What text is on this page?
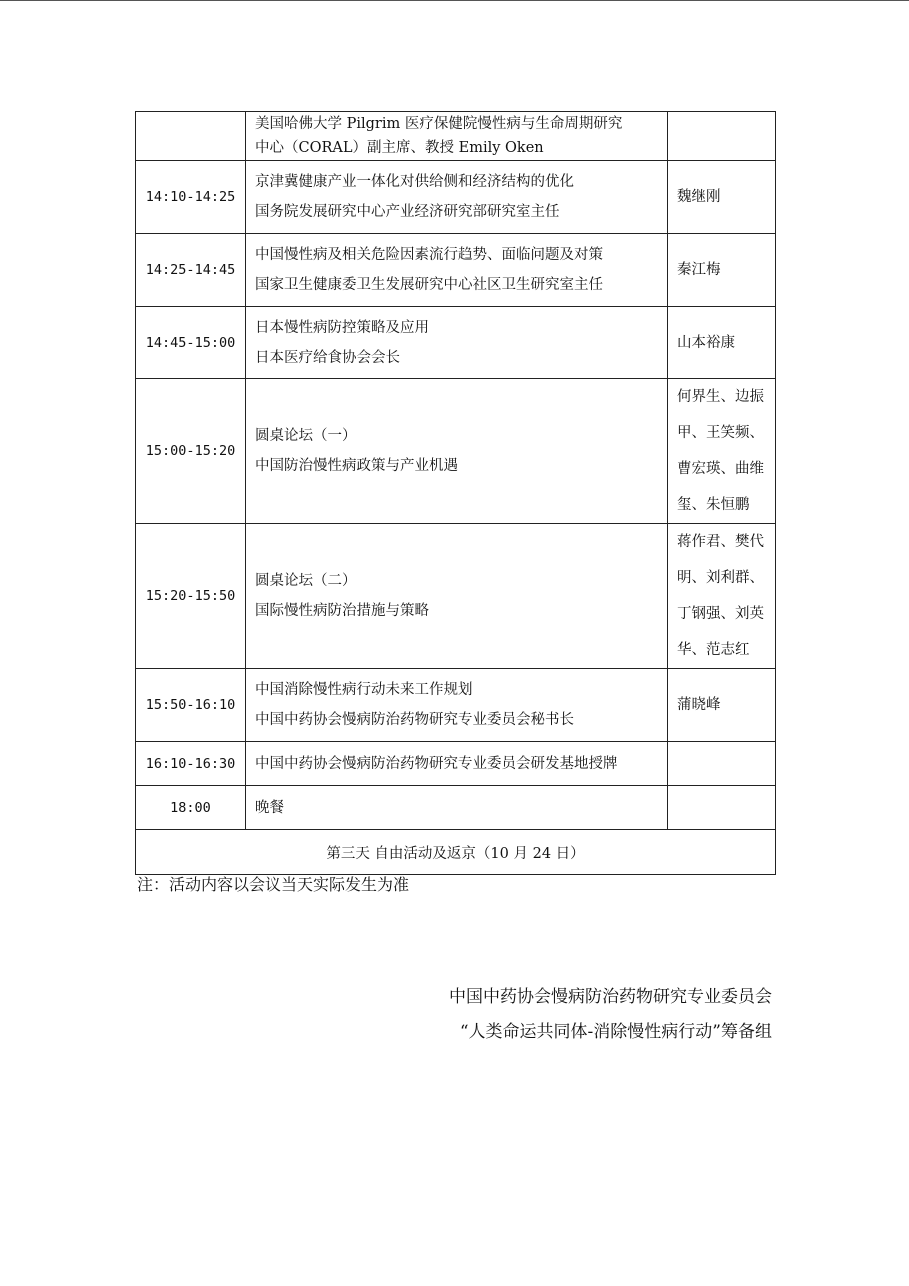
	美国哈佛大学 Pilgrim 医疗保健院慢性病与生命周期研究
中心（CORAL）副主席、教授 Emily Oken	

14:10-14:25	京津冀健康产业一体化对供给侧和经济结构的优化
国务院发展研究中心产业经济研究部研究室主任	魏继刚

14:25-14:45	中国慢性病及相关危险因素流行趋势、面临问题及对策
国家卫生健康委卫生发展研究中心社区卫生研究室主任	秦江梅

14:45-15:00	日本慢性病防控策略及应用
日本医疗给食协会会长	山本裕康

15:00-15:20	圆桌论坛（一）
中国防治慢性病政策与产业机遇	何界生、边振
甲、王笑频、
曹宏瑛、曲维
玺、朱恒鹏

15:20-15:50	圆桌论坛（二）
国际慢性病防治措施与策略	蒋作君、樊代
明、刘利群、
丁钢强、刘英
华、范志红

15:50-16:10	中国消除慢性病行动未来工作规划
中国中药协会慢病防治药物研究专业委员会秘书长	蒲晓峰

16:10-16:30	中国中药协会慢病防治药物研究专业委员会研发基地授牌	

18:00	晚餐	

第三天 自由活动及返京（10 月 24 日）		
注：活动内容以会议当天实际发生为准
中国中药协会慢病防治药物研究专业委员会
“人类命运共同体-消除慢性病行动”筹备组
